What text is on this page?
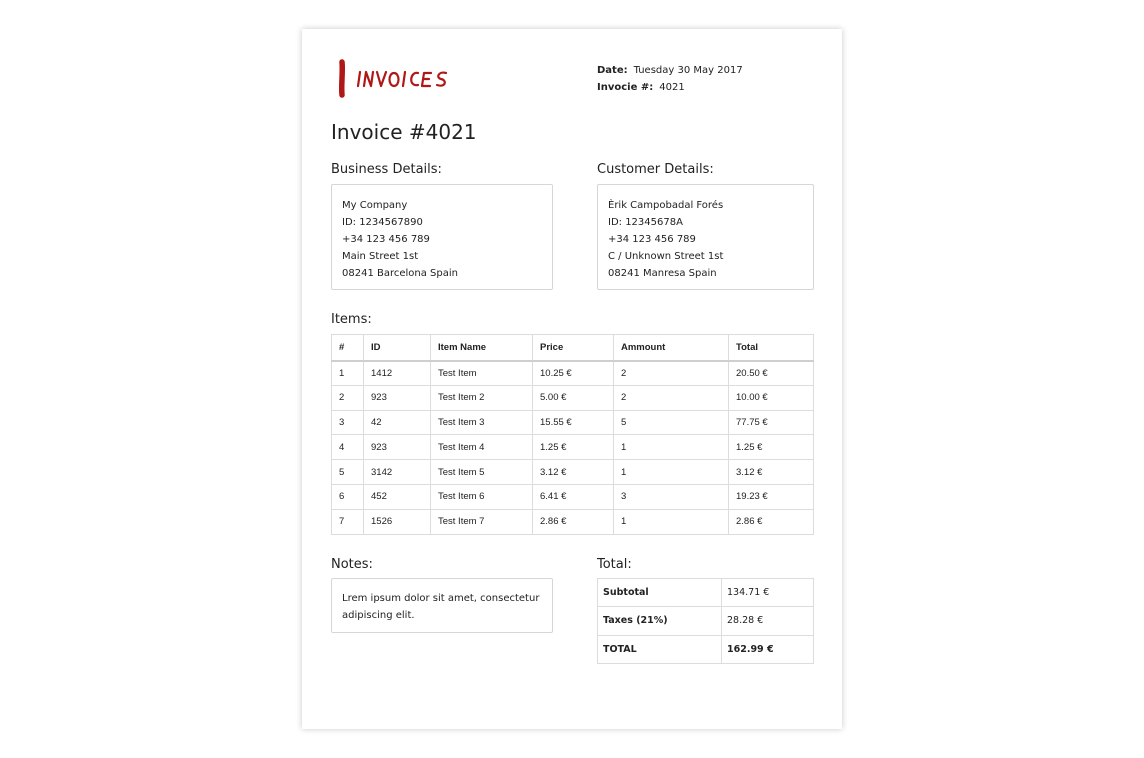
Date: Tuesday 30 May 2017
Invocie #: 4021
Invoice #4021
Business Details:
My Company
ID: 1234567890
+34 123 456 789
Main Street 1st
08241 Barcelona Spain
Customer Details:
Èrik Campobadal Forés
ID: 12345678A
+34 123 456 789
C / Unknown Street 1st
08241 Manresa Spain
Items:
#	ID	Item Name	Price	Ammount	Total
1	1412	Test Item	10.25 €	2	20.50 €
2	923	Test Item 2	5.00 €	2	10.00 €
3	42	Test Item 3	15.55 €	5	77.75 €
4	923	Test Item 4	1.25 €	1	1.25 €
5	3142	Test Item 5	3.12 €	1	3.12 €
6	452	Test Item 6	6.41 €	3	19.23 €
7	1526	Test Item 7	2.86 €	1	2.86 €
Notes:
Lrem ipsum dolor sit amet, consectetur
adipiscing elit.
Total:
Subtotal	134.71 €
Taxes (21%)	28.28 €
TOTAL	162.99 €
